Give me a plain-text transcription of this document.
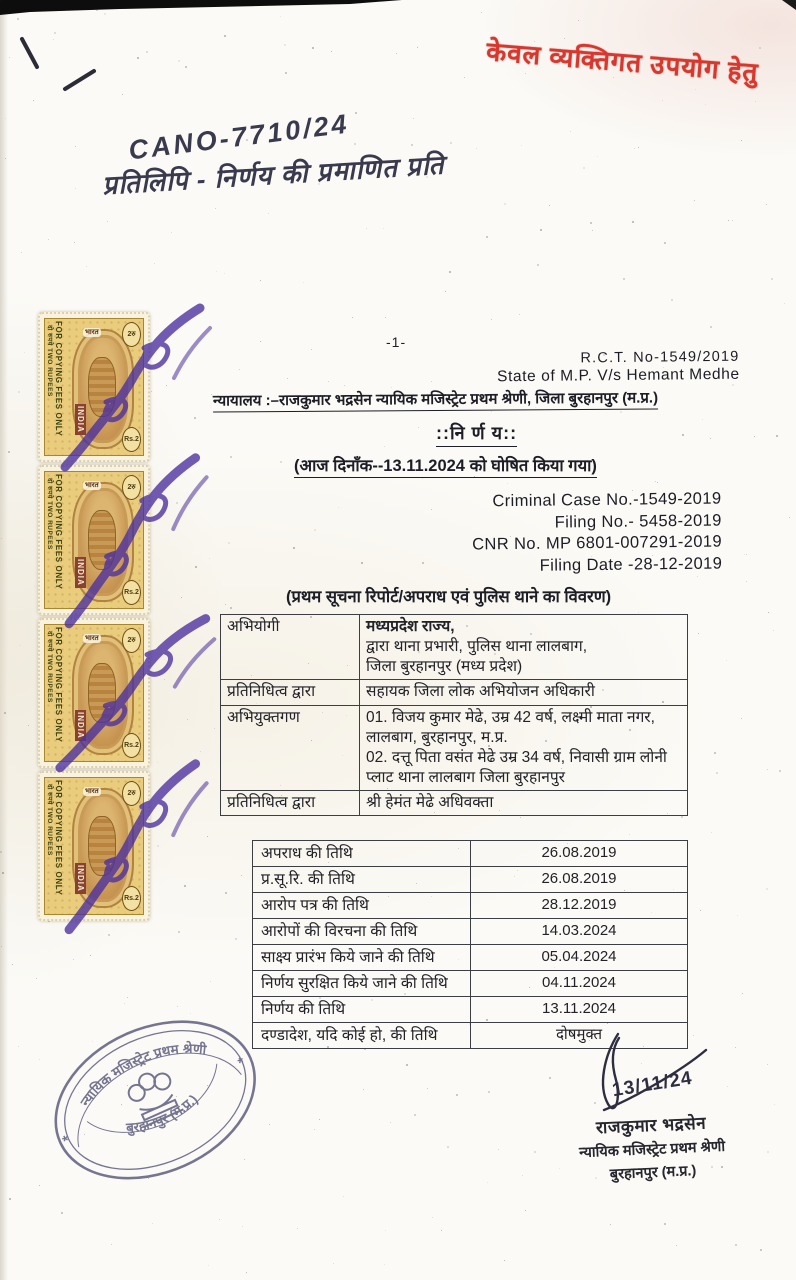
केवल व्यक्तिगत उपयोग हेतु
CANO-7710/24
प्रतिलिपि - निर्णय की प्रमाणित प्रति
-1-
R.C.T. No-1549/2019
State of M.P. V/s Hemant Medhe
न्यायालय :–राजकुमार भद्रसेन न्यायिक मजिस्ट्रेट प्रथम श्रेणी, जिला बुरहानपुर (म.प्र.)
::नि र्ण य::
(आज दिनाँक--13.11.2024 को घोषित किया गया)
Criminal Case No.-1549-2019
Filing No.- 5458-2019
CNR No. MP 6801-007291-2019
Filing Date -28-12-2019
(प्रथम सूचना रिपोर्ट/अपराध एवं पुलिस थाने का विवरण)
अभियोगी	मध्यप्रदेश राज्य,
द्वारा थाना प्रभारी, पुलिस थाना लालबाग,
जिला बुरहानपुर (मध्य प्रदेश)

प्रतिनिधित्व द्वारा	सहायक जिला लोक अभियोजन अधिकारी

अभियुक्तगण	01. विजय कुमार मेढे, उम्र 42 वर्ष, लक्ष्मी माता नगर, लालबाग, बुरहानपुर, म.प्र.
02. दत्तू पिता वसंत मेढे उम्र 34 वर्ष, निवासी ग्राम लोनी प्लाट थाना लालबाग जिला बुरहानपुर

प्रतिनिधित्व द्वारा	श्री हेमंत मेढे अधिवक्ता
अपराध की तिथि	26.08.2019
प्र.सू.रि. की तिथि	26.08.2019
आरोप पत्र की तिथि	28.12.2019
आरोपों की विरचना की तिथि	14.03.2024
साक्ष्य प्रारंभ किये जाने की तिथि	05.04.2024
निर्णय सुरक्षित किये जाने की तिथि	04.11.2024
निर्णय की तिथि	13.11.2024
दण्डादेश, यदि कोई हो, की तिथि	दोषमुक्त
दो रुपये TWO RUPEES FOR COPYING FEES ONLY	भारत
INDIA
2रु
Rs.2
दो रुपये TWO RUPEES FOR COPYING FEES ONLY	भारत
INDIA
2रु
Rs.2
दो रुपये TWO RUPEES FOR COPYING FEES ONLY	भारत
INDIA
2रु
Rs.2
दो रुपये TWO RUPEES FOR COPYING FEES ONLY	भारत
INDIA
2रु
Rs.2
न्यायिक मजिस्ट्रेट प्रथम श्रेणी
बुरहानपुर (म.प्र.)
*
*
13/11/24
राजकुमार भद्रसेन
न्यायिक मजिस्ट्रेट प्रथम श्रेणी
बुरहानपुर (म.प्र.)
